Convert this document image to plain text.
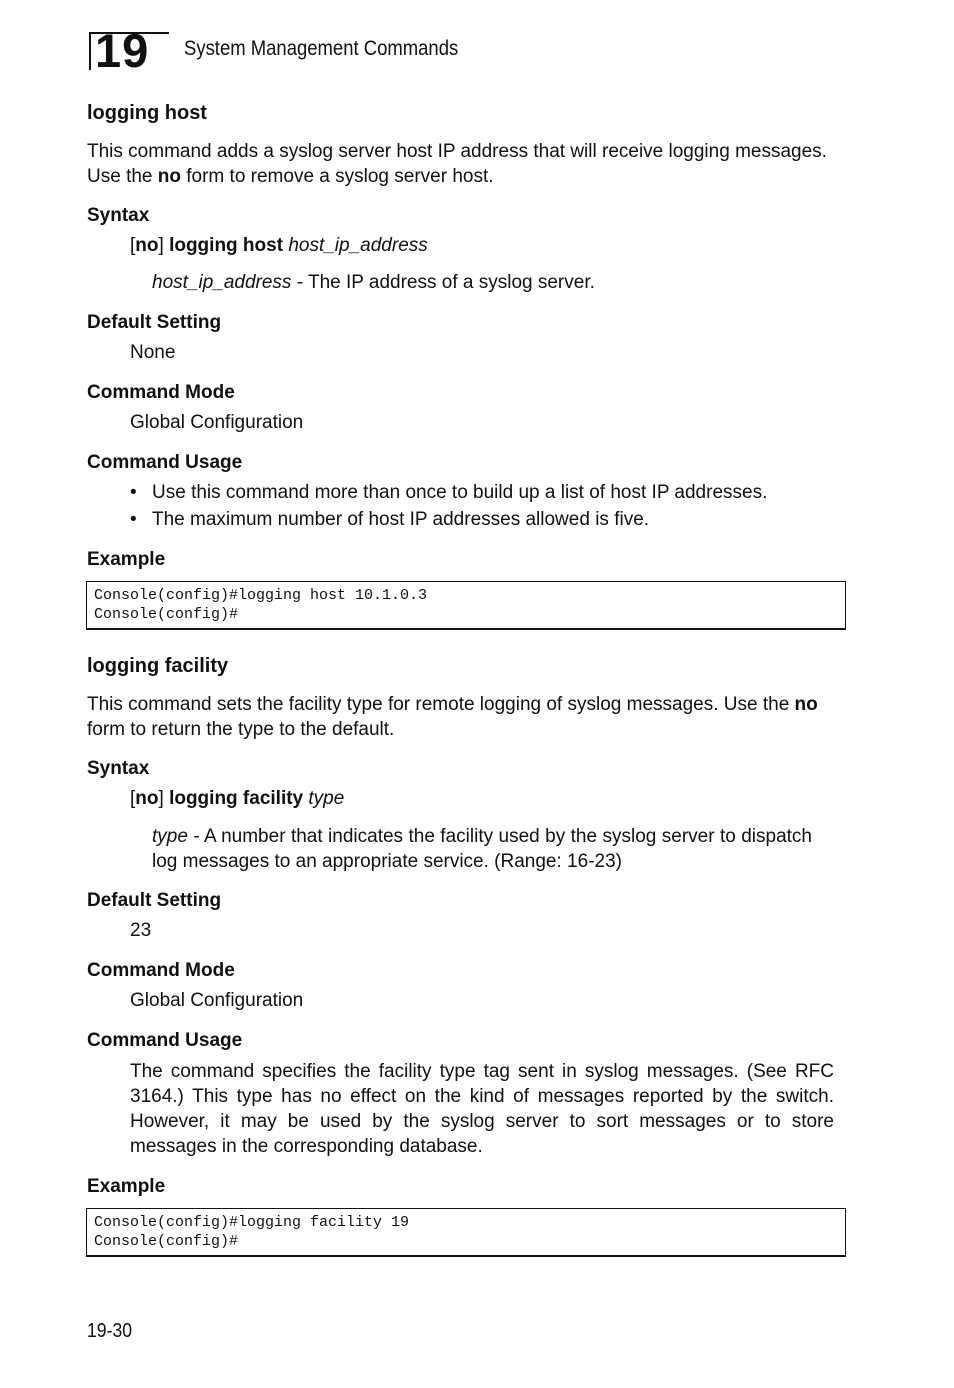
19 System Management Commands
logging host
This command adds a syslog server host IP address that will receive logging messages. Use the no form to remove a syslog server host.
Syntax
[no] logging host host_ip_address
host_ip_address - The IP address of a syslog server.
Default Setting
None
Command Mode
Global Configuration
Command Usage
• Use this command more than once to build up a list of host IP addresses.
• The maximum number of host IP addresses allowed is five.
Example
Console(config)#logging host 10.1.0.3
Console(config)#
logging facility
This command sets the facility type for remote logging of syslog messages. Use the no form to return the type to the default.
Syntax
[no] logging facility type
type - A number that indicates the facility used by the syslog server to dispatch log messages to an appropriate service. (Range: 16-23)
Default Setting
23
Command Mode
Global Configuration
Command Usage
The command specifies the facility type tag sent in syslog messages. (See RFC 3164.) This type has no effect on the kind of messages reported by the switch. However, it may be used by the syslog server to sort messages or to store messages in the corresponding database.
Example
Console(config)#logging facility 19
Console(config)#
19-30
